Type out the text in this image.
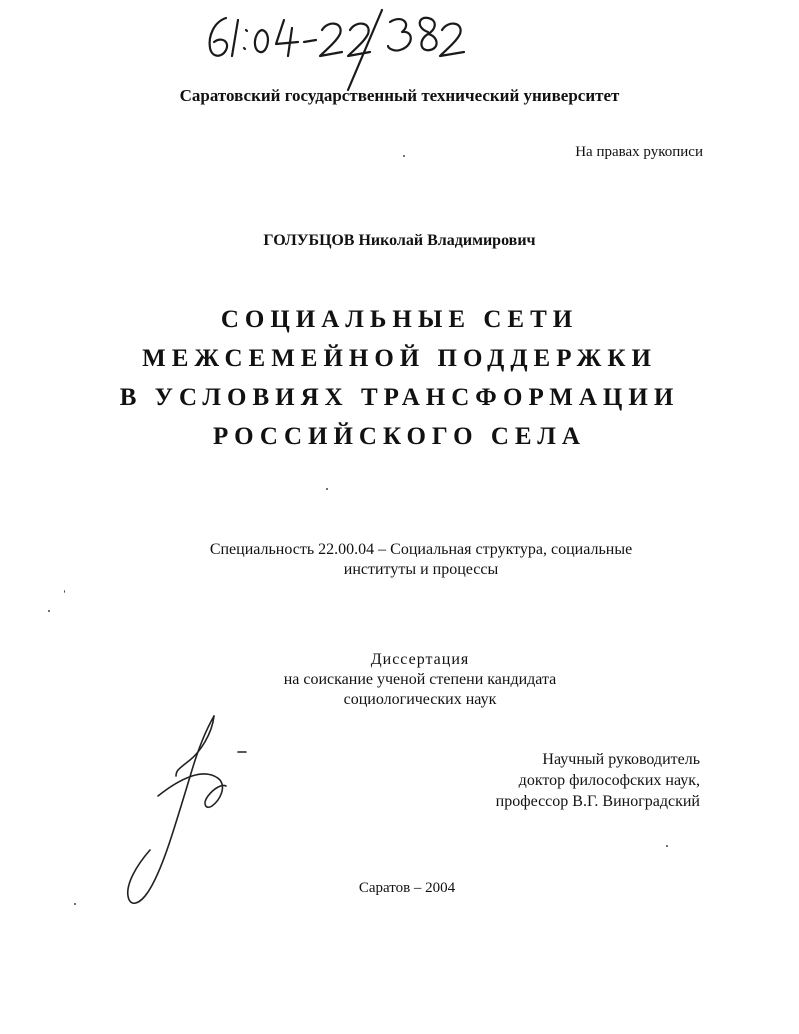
Саратовский государственный технический университет
На правах рукописи
ГОЛУБЦОВ Николай Владимирович
СОЦИАЛЬНЫЕ СЕТИ
МЕЖСЕМЕЙНОЙ ПОДДЕРЖКИ
В УСЛОВИЯХ ТРАНСФОРМАЦИИ
РОССИЙСКОГО СЕЛА
Специальность 22.00.04 – Социальная структура, социальные
институты и процессы
Диссертация
на соискание ученой степени кандидата
социологических наук
Научный руководитель
доктор философских наук,
профессор В.Г. Виноградский
Саратов – 2004
